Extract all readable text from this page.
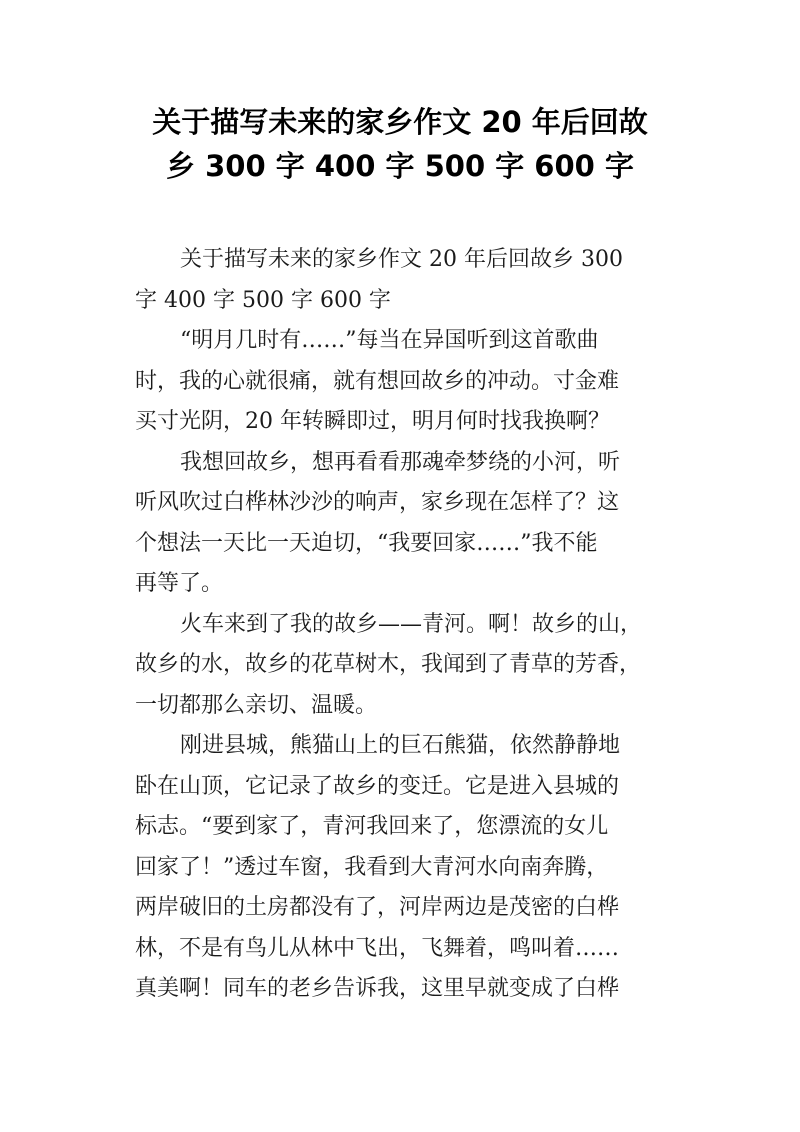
关于描写未来的家乡作文 20 年后回故
乡 300 字 400 字 500 字 600 字
关于描写未来的家乡作文 20 年后回故乡 300
字 400 字 500 字 600 字
“明月几时有……”每当在异国听到这首歌曲
时，我的心就很痛，就有想回故乡的冲动。寸金难
买寸光阴，20 年转瞬即过，明月何时找我换啊？
我想回故乡，想再看看那魂牵梦绕的小河，听
听风吹过白桦林沙沙的响声，家乡现在怎样了？这
个想法一天比一天迫切，“我要回家……”我不能
再等了。
火车来到了我的故乡——青河。啊！故乡的山，
故乡的水，故乡的花草树木，我闻到了青草的芳香，
一切都那么亲切、温暖。
刚进县城，熊猫山上的巨石熊猫，依然静静地
卧在山顶，它记录了故乡的变迁。它是进入县城的
标志。“要到家了，青河我回来了，您漂流的女儿
回家了！”透过车窗，我看到大青河水向南奔腾，
两岸破旧的土房都没有了，河岸两边是茂密的白桦
林，不是有鸟儿从林中飞出，飞舞着，鸣叫着……
真美啊！同车的老乡告诉我，这里早就变成了白桦
